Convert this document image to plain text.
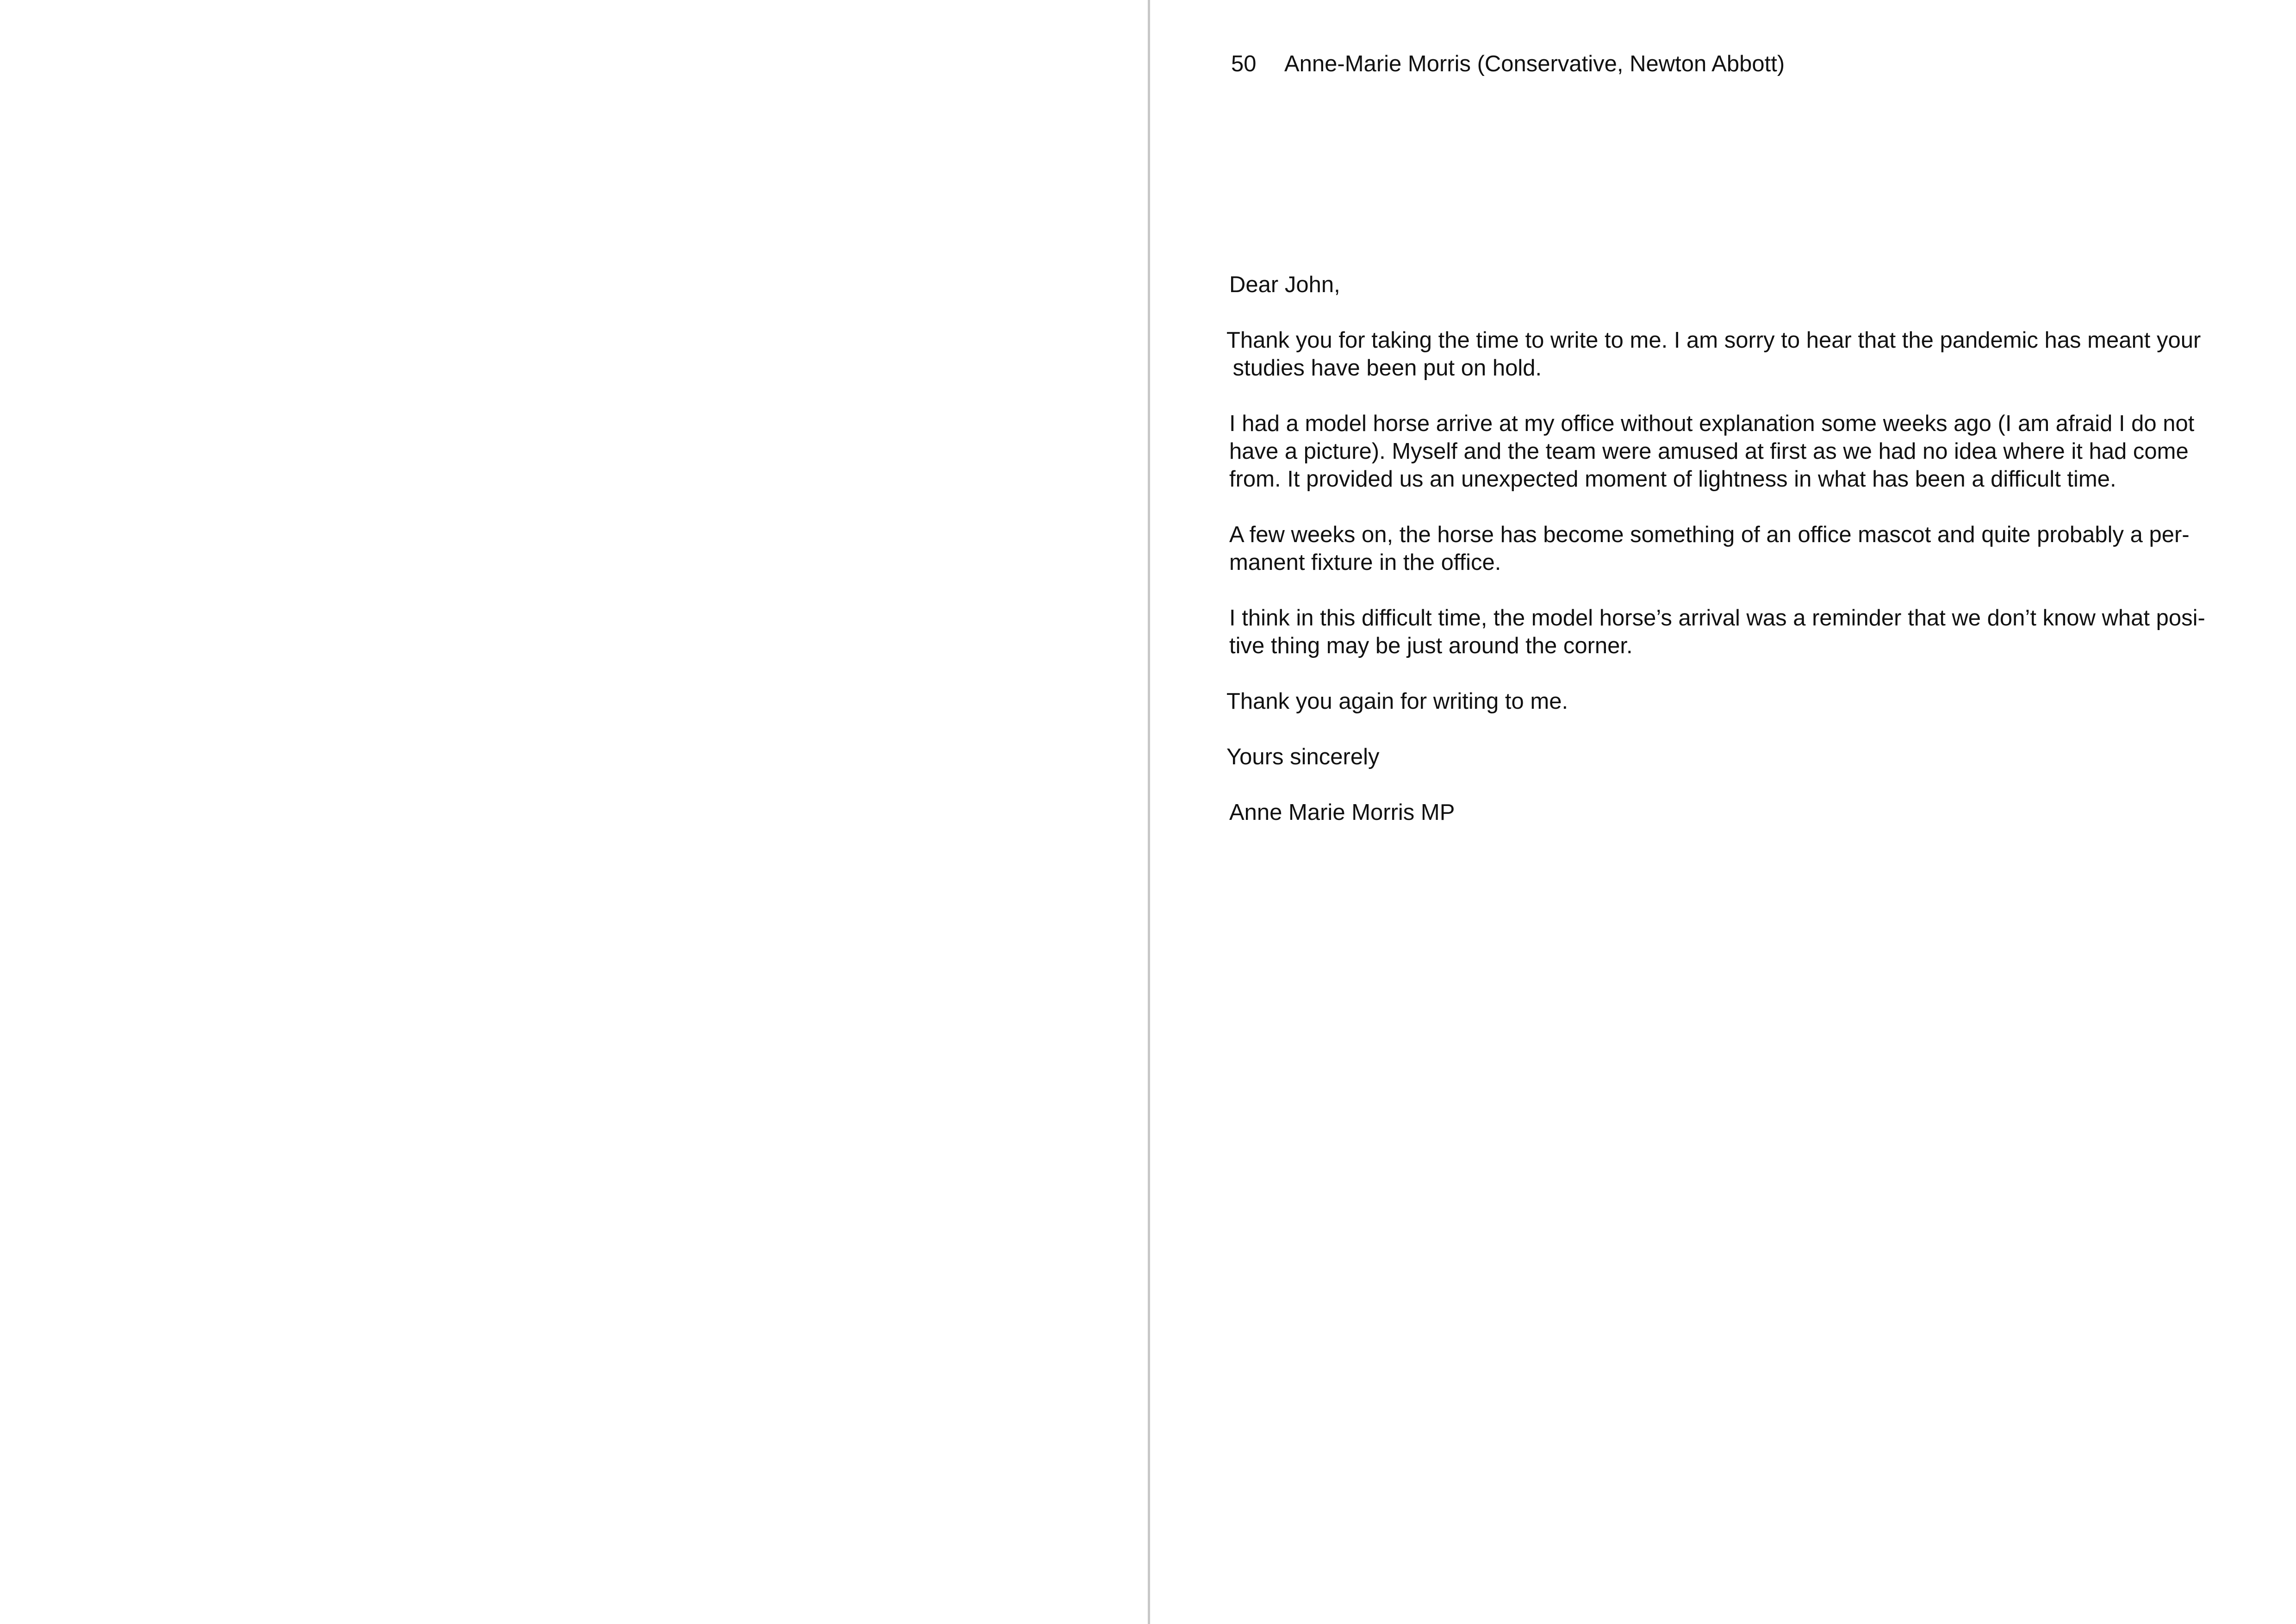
50 Anne-Marie Morris (Conservative, Newton Abbott)

Dear John,

Thank you for taking the time to write to me. I am sorry to hear that the pandemic has meant your
studies have been put on hold.

I had a model horse arrive at my office without explanation some weeks ago (I am afraid I do not
have a picture). Myself and the team were amused at first as we had no idea where it had come
from. It provided us an unexpected moment of lightness in what has been a difficult time.

A few weeks on, the horse has become something of an office mascot and quite probably a per-
manent fixture in the office.

I think in this difficult time, the model horse’s arrival was a reminder that we don’t know what posi-
tive thing may be just around the corner.

Thank you again for writing to me.

Yours sincerely

Anne Marie Morris MP
